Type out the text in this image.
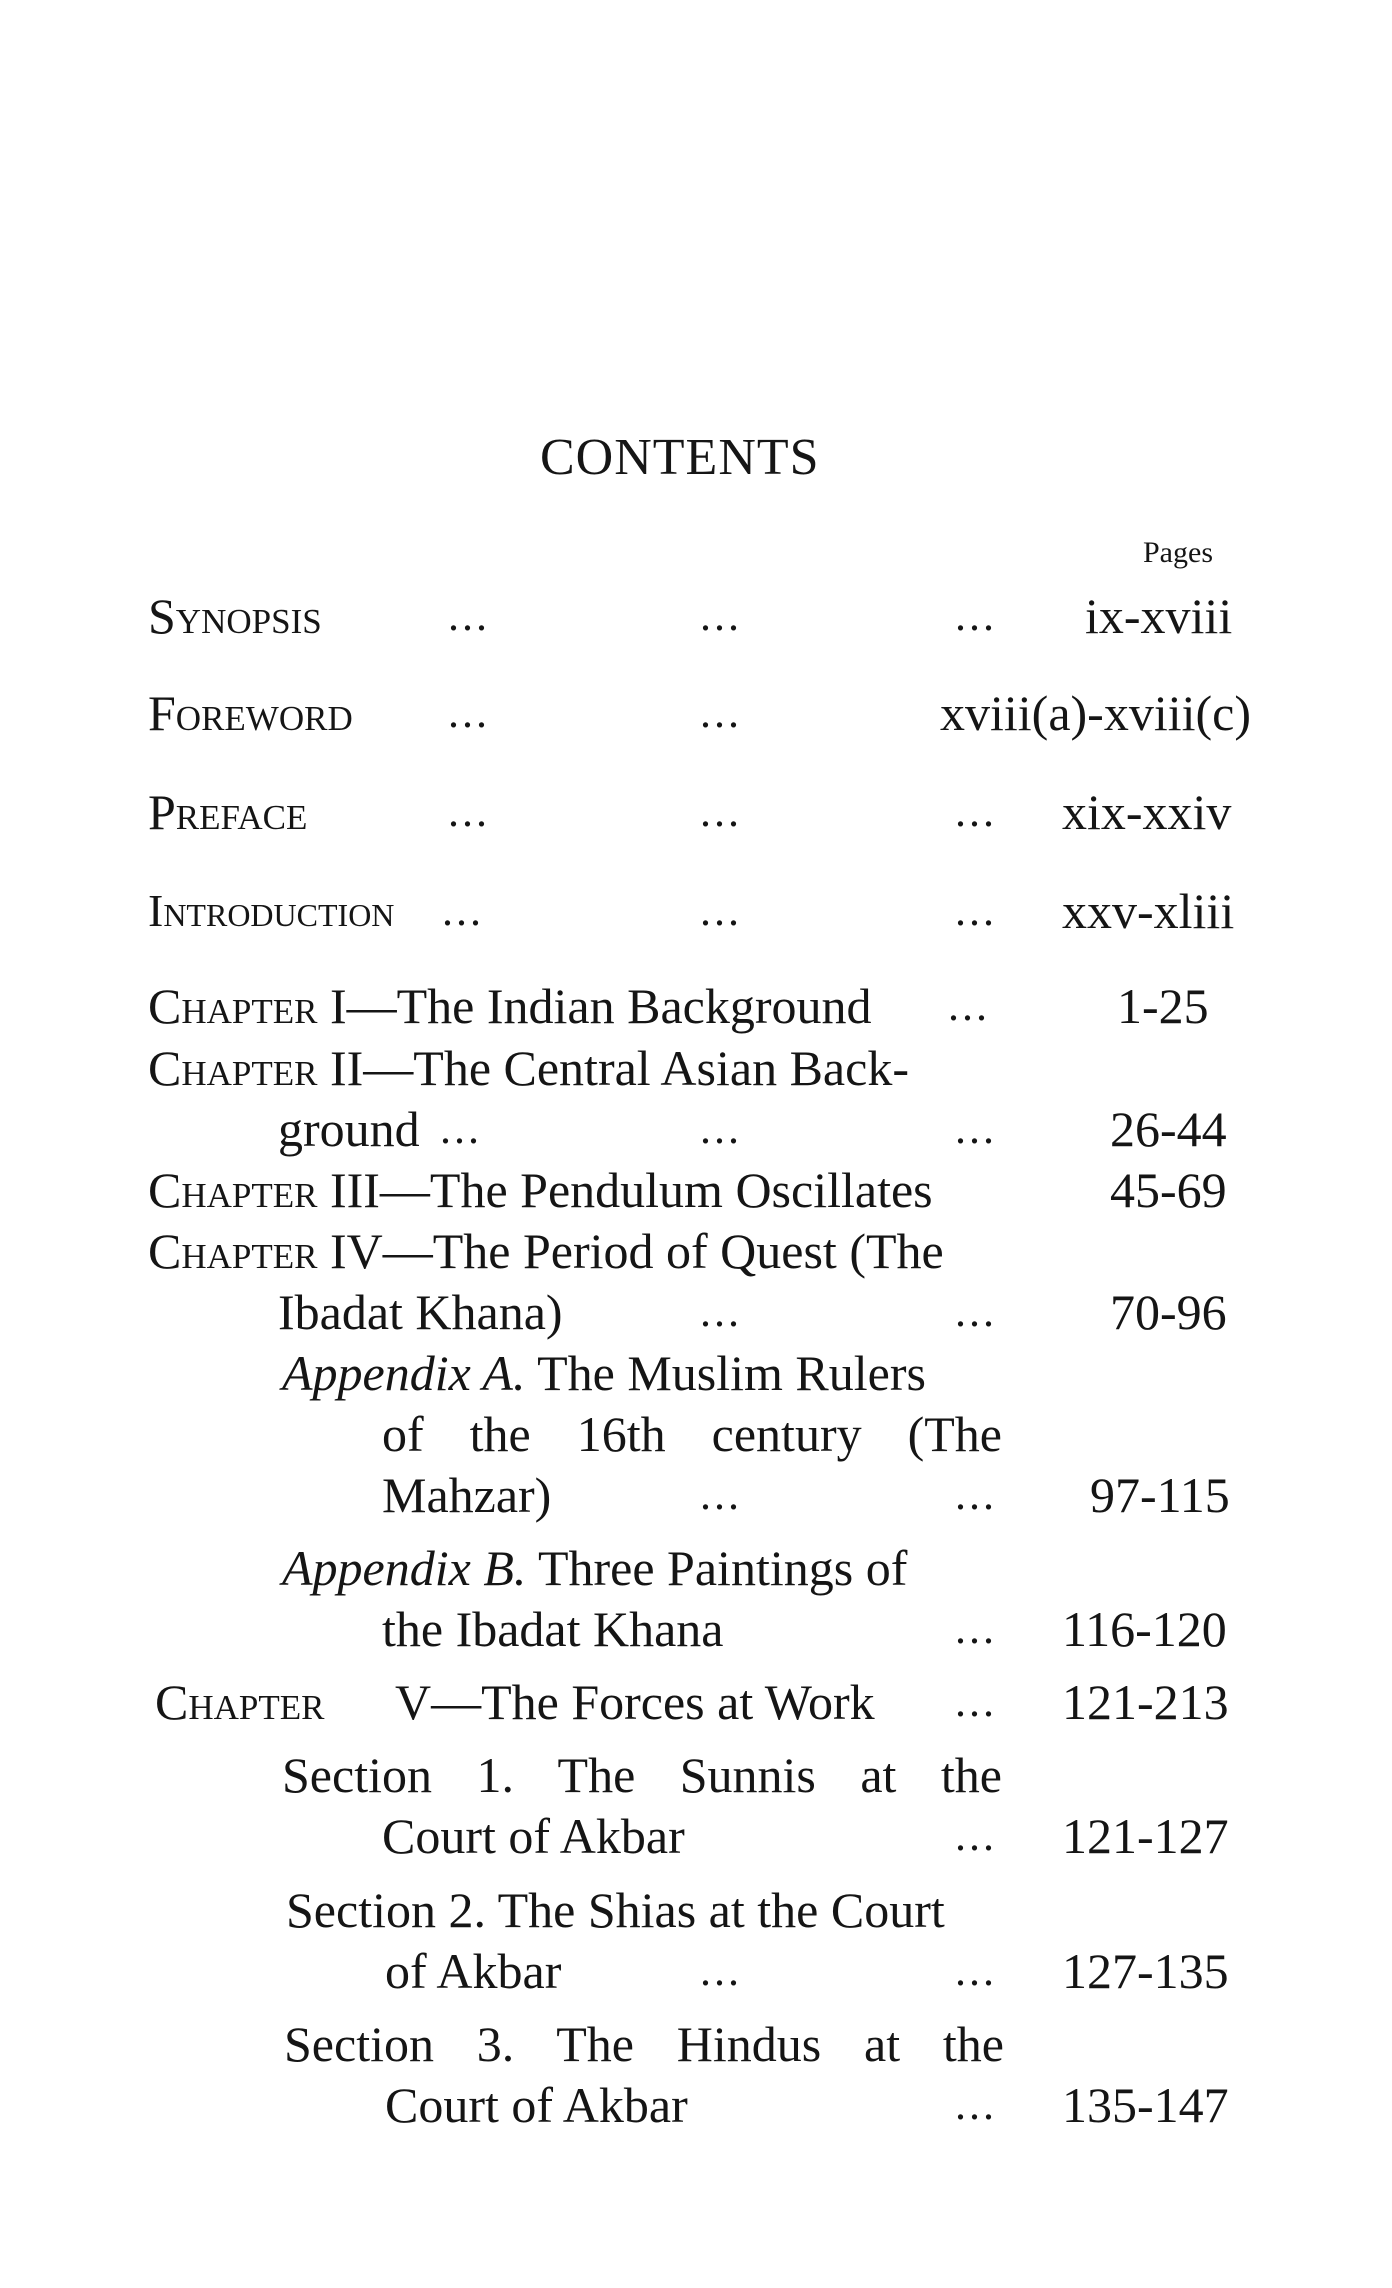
CONTENTS
Pages
Synopsis	...	...	... ix-xviii
Foreword ...	...	xviii(a)-xviii(c)
Preface	...	...	... xix-xxiv
Introduction ...	...	... xxv-xliii
Chapter I—The Indian Background ...	1-25
Chapter II—The Central Asian Back-
ground ...	...	... 26-44
Chapter III—The Pendulum Oscillates	45-69
Chapter IV—The Period of Quest (The
Ibadat Khana)	...	... 70-96
Appendix A. The Muslim Rulers
of the 16th century (The
Mahzar)	...	... 97-115
Appendix B. Three Paintings of
the Ibadat Khana	... 116-120
Chapter V—The Forces at Work ... 121-213
Section 1. The Sunnis at the
Court of Akbar	... 121-127
Section 2. The Shias at the Court
of Akbar	...	... 127-135
Section 3. The Hindus at the
Court of Akbar	... 135-147
